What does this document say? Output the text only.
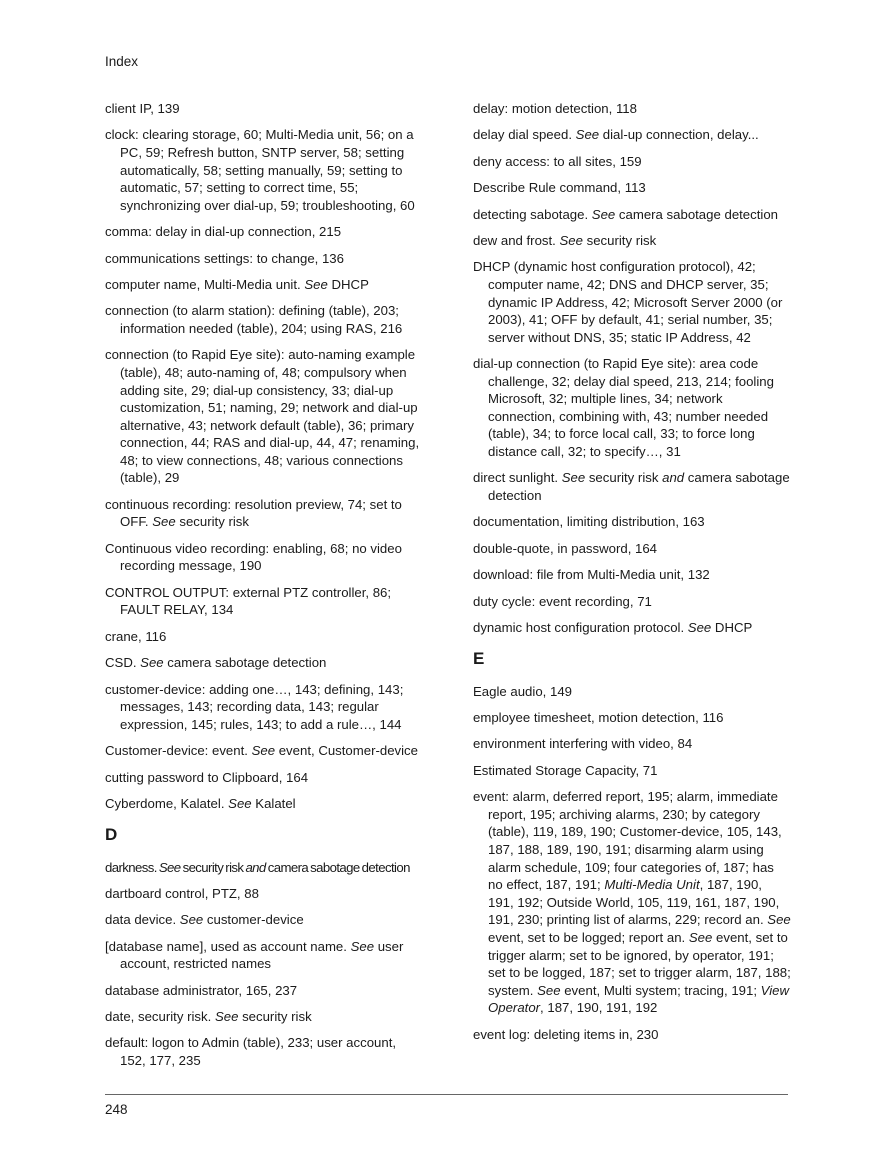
Index

client IP, 139

clock: clearing storage, 60; Multi-Media unit, 56; on a PC, 59; Refresh button, SNTP server, 58; setting automatically, 58; setting manually, 59; setting to automatic, 57; setting to correct time, 55; synchronizing over dial-up, 59; troubleshooting, 60

comma: delay in dial-up connection, 215

communications settings: to change, 136

computer name, Multi-Media unit. See DHCP

connection (to alarm station): defining (table), 203; information needed (table), 204; using RAS, 216

connection (to Rapid Eye site): auto-naming example (table), 48; auto-naming of, 48; compulsory when adding site, 29; dial-up consistency, 33; dial-up customization, 51; naming, 29; network and dial-up alternative, 43; network default (table), 36; primary connection, 44; RAS and dial-up, 44, 47; renaming, 48; to view connections, 48; various connections (table), 29

continuous recording: resolution preview, 74; set to OFF. See security risk

Continuous video recording: enabling, 68; no video recording message, 190

CONTROL OUTPUT: external PTZ controller, 86; FAULT RELAY, 134

crane, 116

CSD. See camera sabotage detection

customer-device: adding one…, 143; defining, 143; messages, 143; recording data, 143; regular expression, 145; rules, 143; to add a rule…, 144

Customer-device: event. See event, Customer-device

cutting password to Clipboard, 164

Cyberdome, Kalatel. See Kalatel

D

darkness. See security risk and camera sabotage detection

dartboard control, PTZ, 88

data device. See customer-device

[database name], used as account name. See user account, restricted names

database administrator, 165, 237

date, security risk. See security risk

default: logon to Admin (table), 233; user account, 152, 177, 235

delay: motion detection, 118

delay dial speed. See dial-up connection, delay...

deny access: to all sites, 159

Describe Rule command, 113

detecting sabotage. See camera sabotage detection

dew and frost. See security risk

DHCP (dynamic host configuration protocol), 42; computer name, 42; DNS and DHCP server, 35; dynamic IP Address, 42; Microsoft Server 2000 (or 2003), 41; OFF by default, 41; serial number, 35; server without DNS, 35; static IP Address, 42

dial-up connection (to Rapid Eye site): area code challenge, 32; delay dial speed, 213, 214; fooling Microsoft, 32; multiple lines, 34; network connection, combining with, 43; number needed (table), 34; to force local call, 33; to force long distance call, 32; to specify…, 31

direct sunlight. See security risk and camera sabotage detection

documentation, limiting distribution, 163

double-quote, in password, 164

download: file from Multi-Media unit, 132

duty cycle: event recording, 71

dynamic host configuration protocol. See DHCP

E

Eagle audio, 149

employee timesheet, motion detection, 116

environment interfering with video, 84

Estimated Storage Capacity, 71

event: alarm, deferred report, 195; alarm, immediate report, 195; archiving alarms, 230; by category (table), 119, 189, 190; Customer-device, 105, 143, 187, 188, 189, 190, 191; disarming alarm using alarm schedule, 109; four categories of, 187; has no effect, 187, 191; Multi-Media Unit, 187, 190, 191, 192; Outside World, 105, 119, 161, 187, 190, 191, 230; printing list of alarms, 229; record an. See event, set to be logged; report an. See event, set to trigger alarm; set to be ignored, by operator, 191; set to be logged, 187; set to trigger alarm, 187, 188; system. See event, Multi system; tracing, 191; View Operator, 187, 190, 191, 192

event log: deleting items in, 230

248
